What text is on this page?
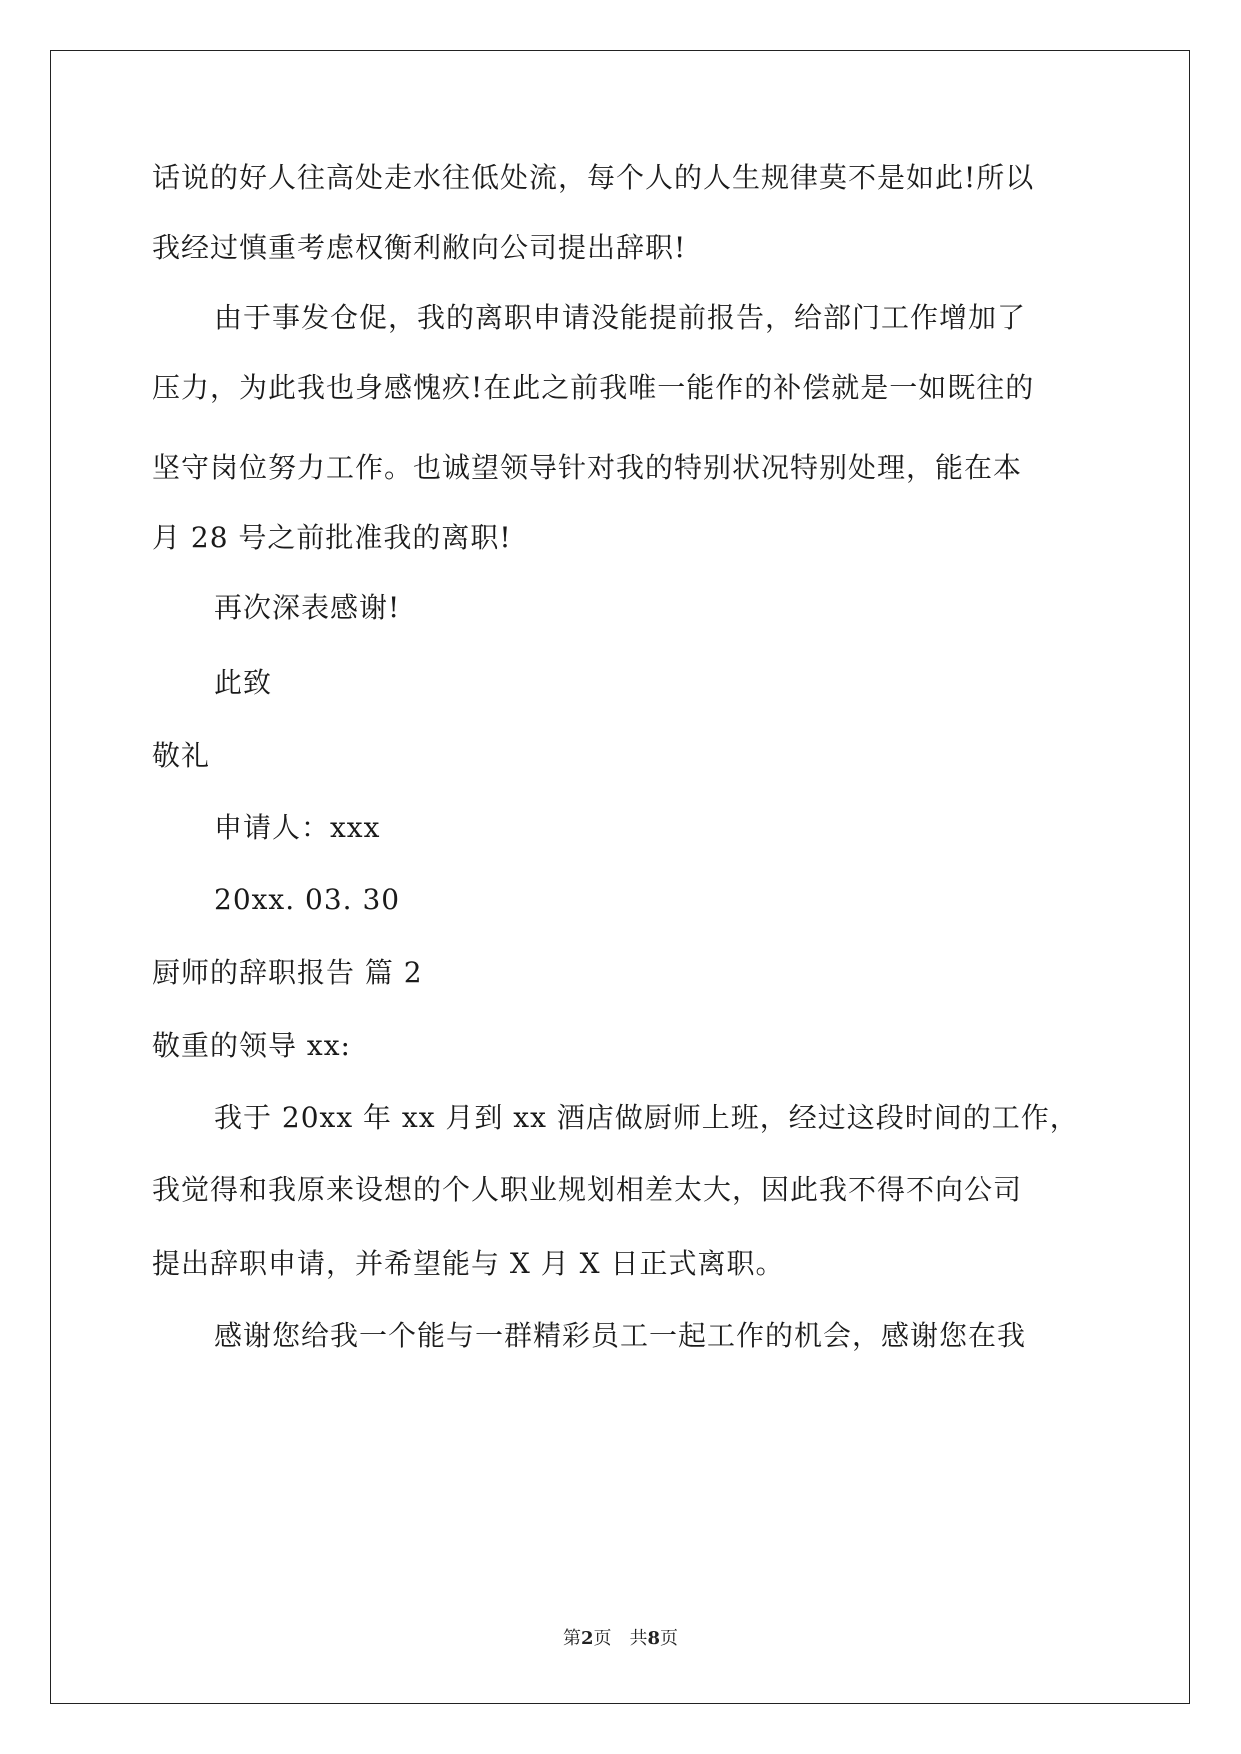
话说的好人往高处走水往低处流，每个人的人生规律莫不是如此!所以
我经过慎重考虑权衡利敝向公司提出辞职!
由于事发仓促，我的离职申请没能提前报告，给部门工作增加了
压力，为此我也身感愧疚!在此之前我唯一能作的补偿就是一如既往的
坚守岗位努力工作。也诚望领导针对我的特别状况特别处理，能在本
月 28 号之前批准我的离职!
再次深表感谢!
此致
敬礼
申请人：xxx
20xx. 03. 30
厨师的辞职报告 篇 2
敬重的领导 xx:
我于 20xx 年 xx 月到 xx 酒店做厨师上班，经过这段时间的工作，
我觉得和我原来设想的个人职业规划相差太大，因此我不得不向公司
提出辞职申请，并希望能与 X 月 X 日正式离职。
感谢您给我一个能与一群精彩员工一起工作的机会，感谢您在我
第2页　共8页
